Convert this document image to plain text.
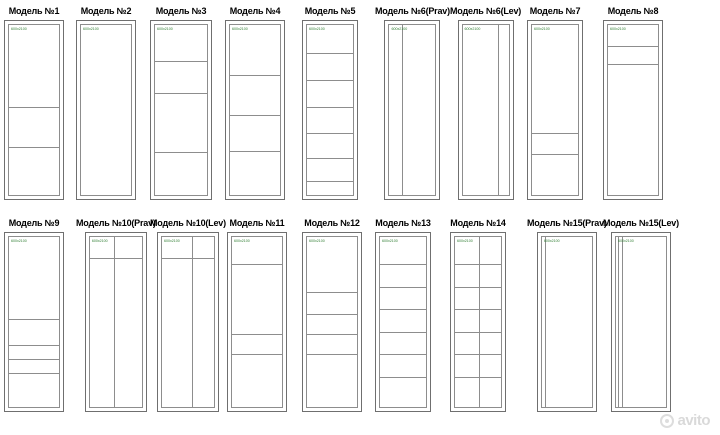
Модель №1
600x2100
Модель №2
600x2100
Модель №3
600x2100
Модель №4
600x2100
Модель №5
600x2100
Модель №6(Prav)
600x2100
Модель №6(Lev)
600x2100
Модель №7
600x2100
Модель №8
600x2100
Модель №9
600x2100
Модель №10(Prav)
600x2100
Модель №10(Lev)
600x2100
Модель №11
600x2100
Модель №12
600x2100
Модель №13
600x2100
Модель №14
600x2100
Модель №15(Prav)
600x2100
Модель №15(Lev)
600x2100
avito
